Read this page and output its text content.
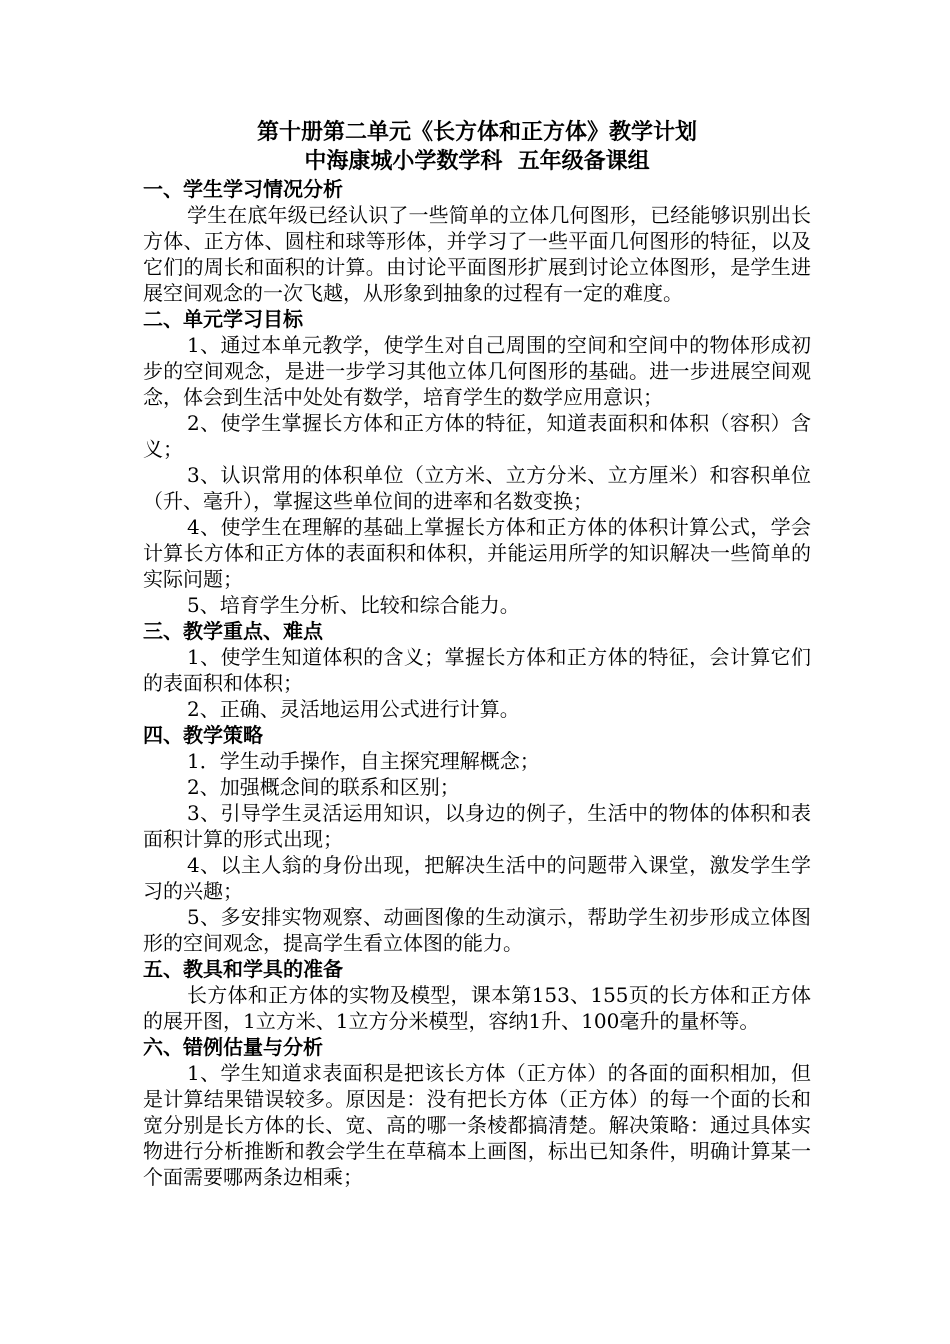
第十册第二单元《长方体和正方体》教学计划
中海康城小学数学科  五年级备课组
一、学生学习情况分析

学生在底年级已经认识了一些简单的立体几何图形，已经能够识别出长方体、正方体、圆柱和球等形体，并学习了一些平面几何图形的特征，以及它们的周长和面积的计算。由讨论平面图形扩展到讨论立体图形，是学生进展空间观念的一次飞越，从形象到抽象的过程有一定的难度。

二、单元学习目标

1、通过本单元教学，使学生对自己周围的空间和空间中的物体形成初步的空间观念，是进一步学习其他立体几何图形的基础。进一步进展空间观念，体会到生活中处处有数学，培育学生的数学应用意识；

2、使学生掌握长方体和正方体的特征，知道表面积和体积（容积）含义；

3、认识常用的体积单位（立方米、立方分米、立方厘米）和容积单位（升、毫升），掌握这些单位间的进率和名数变换；

4、使学生在理解的基础上掌握长方体和正方体的体积计算公式，学会计算长方体和正方体的表面积和体积，并能运用所学的知识解决一些简单的实际问题；

5、培育学生分析、比较和综合能力。

三、教学重点、难点

1、使学生知道体积的含义；掌握长方体和正方体的特征，会计算它们的表面积和体积；

2、正确、灵活地运用公式进行计算。

四、教学策略

1．学生动手操作，自主探究理解概念；

2、加强概念间的联系和区别；

3、引导学生灵活运用知识，以身边的例子，生活中的物体的体积和表面积计算的形式出现；

4、以主人翁的身份出现，把解决生活中的问题带入课堂，激发学生学习的兴趣；

5、多安排实物观察、动画图像的生动演示，帮助学生初步形成立体图形的空间观念，提高学生看立体图的能力。

五、教具和学具的准备

长方体和正方体的实物及模型，课本第153、155页的长方体和正方体的展开图，1立方米、1立方分米模型，容纳1升、100毫升的量杯等。

六、错例估量与分析

1、学生知道求表面积是把该长方体（正方体）的各面的面积相加，但是计算结果错误较多。原因是：没有把长方体（正方体）的每一个面的长和宽分别是长方体的长、宽、高的哪一条棱都搞清楚。解决策略：通过具体实物进行分析推断和教会学生在草稿本上画图，标出已知条件，明确计算某一个面需要哪两条边相乘；
